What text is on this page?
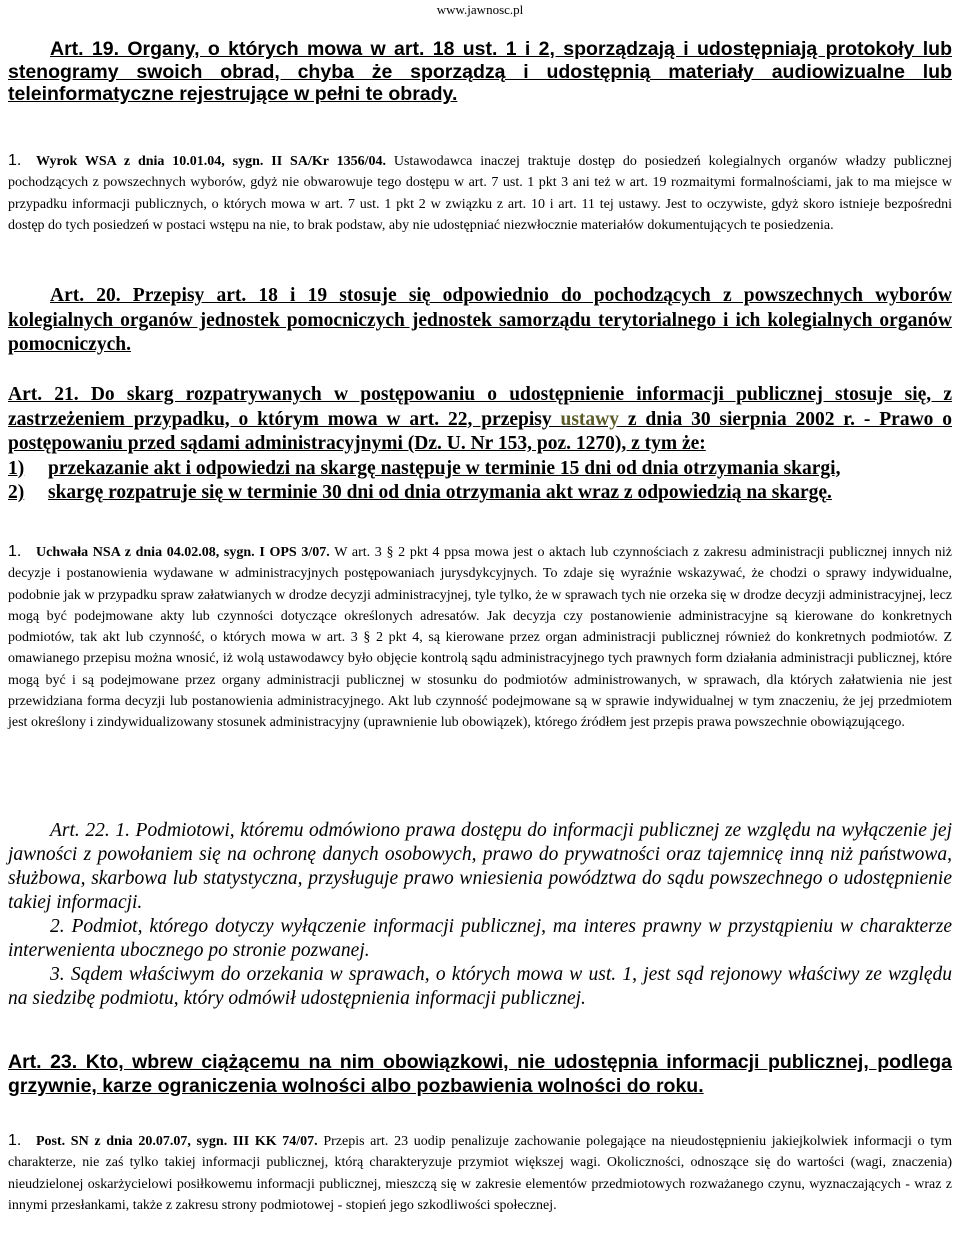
www.jawnosc.pl

Art. 19. Organy, o których mowa w art. 18 ust. 1 i 2, sporządzają i udostępniają protokoły lub stenogramy swoich obrad, chyba że sporządzą i udostępnią materiały audiowizualne lub teleinformatyczne rejestrujące w pełni te obrady.

1. Wyrok WSA z dnia 10.01.04, sygn. II SA/Kr 1356/04. Ustawodawca inaczej traktuje dostęp do posiedzeń kolegialnych organów władzy publicznej pochodzących z powszechnych wyborów, gdyż nie obwarowuje tego dostępu w art. 7 ust. 1 pkt 3 ani też w art. 19 rozmaitymi formalnościami, jak to ma miejsce w przypadku informacji publicznych, o których mowa w art. 7 ust. 1 pkt 2 w związku z art. 10 i art. 11 tej ustawy. Jest to oczywiste, gdyż skoro istnieje bezpośredni dostęp do tych posiedzeń w postaci wstępu na nie, to brak podstaw, aby nie udostępniać niezwłocznie materiałów dokumentujących te posiedzenia.

Art. 20. Przepisy art. 18 i 19 stosuje się odpowiednio do pochodzących z powszechnych wyborów kolegialnych organów jednostek pomocniczych jednostek samorządu terytorialnego i ich kolegialnych organów pomocniczych.

Art. 21. Do skarg rozpatrywanych w postępowaniu o udostępnienie informacji publicznej stosuje się, z zastrzeżeniem przypadku, o którym mowa w art. 22, przepisy ustawy z dnia 30 sierpnia 2002 r. - Prawo o postępowaniu przed sądami administracyjnymi (Dz. U. Nr 153, poz. 1270), z tym że:
1)	przekazanie akt i odpowiedzi na skargę następuje w terminie 15 dni od dnia otrzymania skargi,
2)	skargę rozpatruje się w terminie 30 dni od dnia otrzymania akt wraz z odpowiedzią na skargę.
1. Uchwała NSA z dnia 04.02.08, sygn. I OPS 3/07. W art. 3 § 2 pkt 4 ppsa mowa jest o aktach lub czynnościach z zakresu administracji publicznej innych niż decyzje i postanowienia wydawane w administracyjnych postępowaniach jurysdykcyjnych. To zdaje się wyraźnie wskazywać, że chodzi o sprawy indywidualne, podobnie jak w przypadku spraw załatwianych w drodze decyzji administracyjnej, tyle tylko, że w sprawach tych nie orzeka się w drodze decyzji administracyjnej, lecz mogą być podejmowane akty lub czynności dotyczące określonych adresatów. Jak decyzja czy postanowienie administracyjne są kierowane do konkretnych podmiotów, tak akt lub czynność, o których mowa w art. 3 § 2 pkt 4, są kierowane przez organ administracji publicznej również do konkretnych podmiotów. Z omawianego przepisu można wnosić, iż wolą ustawodawcy było objęcie kontrolą sądu administracyjnego tych prawnych form działania administracji publicznej, które mogą być i są podejmowane przez organy administracji publicznej w stosunku do podmiotów administrowanych, w sprawach, dla których załatwienia nie jest przewidziana forma decyzji lub postanowienia administracyjnego. Akt lub czynność podejmowane są w sprawie indywidualnej w tym znaczeniu, że jej przedmiotem jest określony i zindywidualizowany stosunek administracyjny (uprawnienie lub obowiązek), którego źródłem jest przepis prawa powszechnie obowiązującego.

Art. 22. 1. Podmiotowi, któremu odmówiono prawa dostępu do informacji publicznej ze względu na wyłączenie jej jawności z powołaniem się na ochronę danych osobowych, prawo do prywatności oraz tajemnicę inną niż państwowa, służbowa, skarbowa lub statystyczna, przysługuje prawo wniesienia powództwa do sądu powszechnego o udostępnienie takiej informacji.

2. Podmiot, którego dotyczy wyłączenie informacji publicznej, ma interes prawny w przystąpieniu w charakterze interwenienta ubocznego po stronie pozwanej.

3. Sądem właściwym do orzekania w sprawach, o których mowa w ust. 1, jest sąd rejonowy właściwy ze względu na siedzibę podmiotu, który odmówił udostępnienia informacji publicznej.

Art. 23. Kto, wbrew ciążącemu na nim obowiązkowi, nie udostępnia informacji publicznej, podlega grzywnie, karze ograniczenia wolności albo pozbawienia wolności do roku.

1. Post. SN z dnia 20.07.07, sygn. III KK 74/07. Przepis art. 23 uodip penalizuje zachowanie polegające na nieudostępnieniu jakiejkolwiek informacji o tym charakterze, nie zaś tylko takiej informacji publicznej, którą charakteryzuje przymiot większej wagi. Okoliczności, odnoszące się do wartości (wagi, znaczenia) nieudzielonej oskarżycielowi posiłkowemu informacji publicznej, mieszczą się w zakresie elementów przedmiotowych rozważanego czynu, wyznaczających - wraz z innymi przesłankami, także z zakresu strony podmiotowej - stopień jego szkodliwości społecznej.
